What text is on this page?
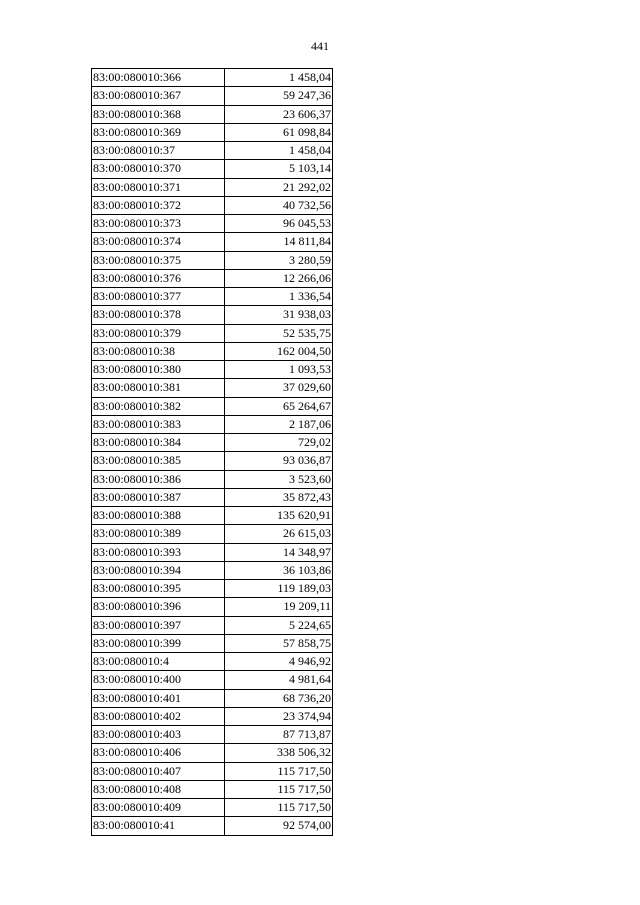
441
83:00:080010:366	1 458,04
83:00:080010:367	59 247,36
83:00:080010:368	23 606,37
83:00:080010:369	61 098,84
83:00:080010:37	1 458,04
83:00:080010:370	5 103,14
83:00:080010:371	21 292,02
83:00:080010:372	40 732,56
83:00:080010:373	96 045,53
83:00:080010:374	14 811,84
83:00:080010:375	3 280,59
83:00:080010:376	12 266,06
83:00:080010:377	1 336,54
83:00:080010:378	31 938,03
83:00:080010:379	52 535,75
83:00:080010:38	162 004,50
83:00:080010:380	1 093,53
83:00:080010:381	37 029,60
83:00:080010:382	65 264,67
83:00:080010:383	2 187,06
83:00:080010:384	729,02
83:00:080010:385	93 036,87
83:00:080010:386	3 523,60
83:00:080010:387	35 872,43
83:00:080010:388	135 620,91
83:00:080010:389	26 615,03
83:00:080010:393	14 348,97
83:00:080010:394	36 103,86
83:00:080010:395	119 189,03
83:00:080010:396	19 209,11
83:00:080010:397	5 224,65
83:00:080010:399	57 858,75
83:00:080010:4	4 946,92
83:00:080010:400	4 981,64
83:00:080010:401	68 736,20
83:00:080010:402	23 374,94
83:00:080010:403	87 713,87
83:00:080010:406	338 506,32
83:00:080010:407	115 717,50
83:00:080010:408	115 717,50
83:00:080010:409	115 717,50
83:00:080010:41	92 574,00
